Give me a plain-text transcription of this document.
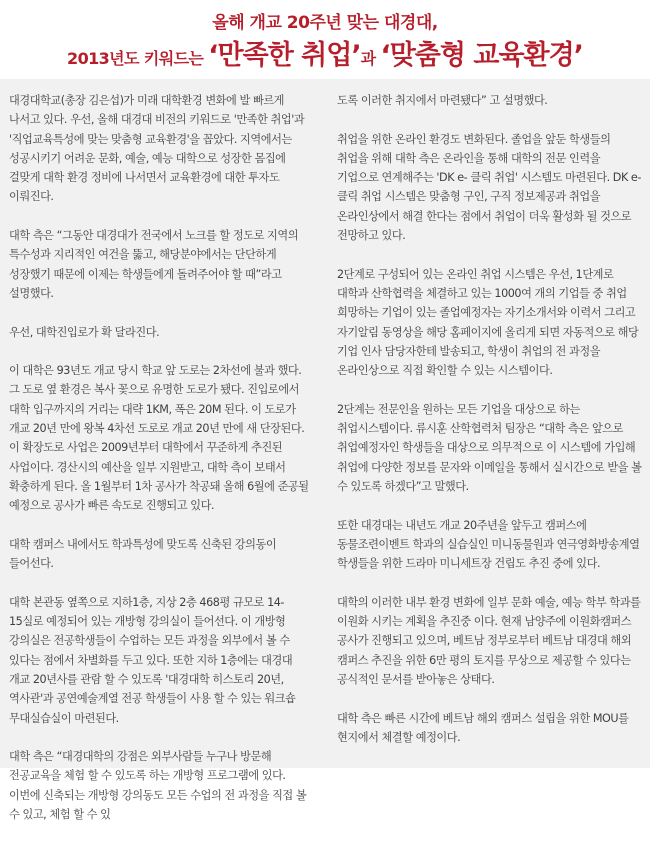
올해 개교 20주년 맞는 대경대,
2013년도 키워드는 ‘만족한 취업’과 ‘맞춤형 교육환경’

대경대학교(총장 김은섭)가 미래 대학환경 변화에 발 빠르게 나서고 있다. 우선, 올해 대경대 비전의 키워드로 '만족한 취업'과 '직업교육특성에 맞는 맞춤형 교육환경'을 꼽았다. 지역에서는 성공시키기 어려운 문화, 예술, 예능 대학으로 성장한 몸집에 걸맞게 대학 환경 정비에 나서면서 교육환경에 대한 투자도 이뤄진다.

대학 측은 “그동안 대경대가 전국에서 노크를 할 정도로 지역의 특수성과 지리적인 여건을 뚫고, 해당분야에서는 단단하게 성장했기 때문에 이제는 학생들에게 돌려주어야 할 때”라고 설명했다.

우선, 대학진입로가 확 달라진다.

이 대학은 93년도 개교 당시 학교 앞 도로는 2차선에 불과 했다. 그 도로 옆 환경은 복사 꽃으로 유명한 도로가 됐다. 진입로에서 대학 입구까지의 거리는 대략 1KM, 폭은 20M 된다. 이 도로가 개교 20년 만에 왕복 4차선 도로로 개교 20년 만에 새 단장된다. 이 확장도로 사업은 2009년부터 대학에서 꾸준하게 추진된 사업이다. 경산시의 예산을 일부 지원받고, 대학 측이 보태서 확충하게 된다. 올 1월부터 1차 공사가 착공돼 올해 6월에 준공될 예정으로 공사가 빠른 속도로 진행되고 있다.

대학 캠퍼스 내에서도 학과특성에 맞도록 신축된 강의동이 들어선다.

대학 본관동 옆쪽으로 지하1층, 지상 2층 468평 규모로 14-15실로 예정되어 있는 개방형 강의실이 들어선다. 이 개방형 강의실은 전공학생들이 수업하는 모든 과정을 외부에서 볼 수 있다는 점에서 차별화를 두고 있다. 또한 지하 1층에는 대경대 개교 20년사를 관람 할 수 있도록 '대경대학 히스토리 20년, 역사관'과 공연예술계열 전공 학생들이 사용 할 수 있는 워크숍 무대실습실이 마련된다.

대학 측은 “대경대학의 강점은 외부사람들 누구나 방문해 전공교육을 체험 할 수 있도록 하는 개방형 프로그램에 있다. 이번에 신축되는 개방형 강의동도 모든 수업의 전 과정을 직접 볼 수 있고, 체험 할 수 있

도록 이러한 취지에서 마련됐다” 고 설명했다.

취업을 위한 온라인 환경도 변화된다. 졸업을 앞둔 학생들의 취업을 위해 대학 측은 온라인을 통해 대학의 전문 인력을 기업으로 연계해주는 'DK e- 클릭 취업' 시스템도 마련된다. DK e-클릭 취업 시스템은 맞춤형 구인, 구직 정보제공과 취업을 온라인상에서 해결 한다는 점에서 취업이 더욱 활성화 될 것으로 전망하고 있다.

2단계로 구성되어 있는 온라인 취업 시스템은 우선, 1단계로 대학과 산학협력을 체결하고 있는 1000여 개의 기업들 중 취업 희망하는 기업이 있는 졸업예정자는 자기소개서와 이력서 그리고 자기알림 동영상을 해당 홈페이지에 올리게 되면 자동적으로 해당 기업 인사 담당자한테 발송되고, 학생이 취업의 전 과정을 온라인상으로 직접 확인할 수 있는 시스템이다.

2단계는 전문인을 원하는 모든 기업을 대상으로 하는 취업시스템이다. 류시훈 산학협력처 팀장은 “대학 측은 앞으로 취업예정자인 학생들을 대상으로 의무적으로 이 시스템에 가입해 취업에 다양한 정보를 문자와 이메일을 통해서 실시간으로 받을 볼 수 있도록 하겠다”고 말했다.

또한 대경대는 내년도 개교 20주년을 앞두고 캠퍼스에 동물조련이벤트 학과의 실습실인 미니동물원과 연극영화방송계열 학생들을 위한 드라마 미니세트장 건립도 추진 중에 있다.

대학의 이러한 내부 환경 변화에 일부 문화 예술, 예능 학부 학과를 이원화 시키는 계획을 추진중 이다. 현재 남양주에 이원화캠퍼스 공사가 진행되고 있으며, 베트남 정부로부터 베트남 대경대 해외 캠퍼스 추진을 위한 6만 평의 토지를 무상으로 제공할 수 있다는 공식적인 문서를 받아놓은 상태다.

대학 측은 빠른 시간에 베트남 해외 캠퍼스 설립을 위한 MOU를 현지에서 체결할 예정이다.
